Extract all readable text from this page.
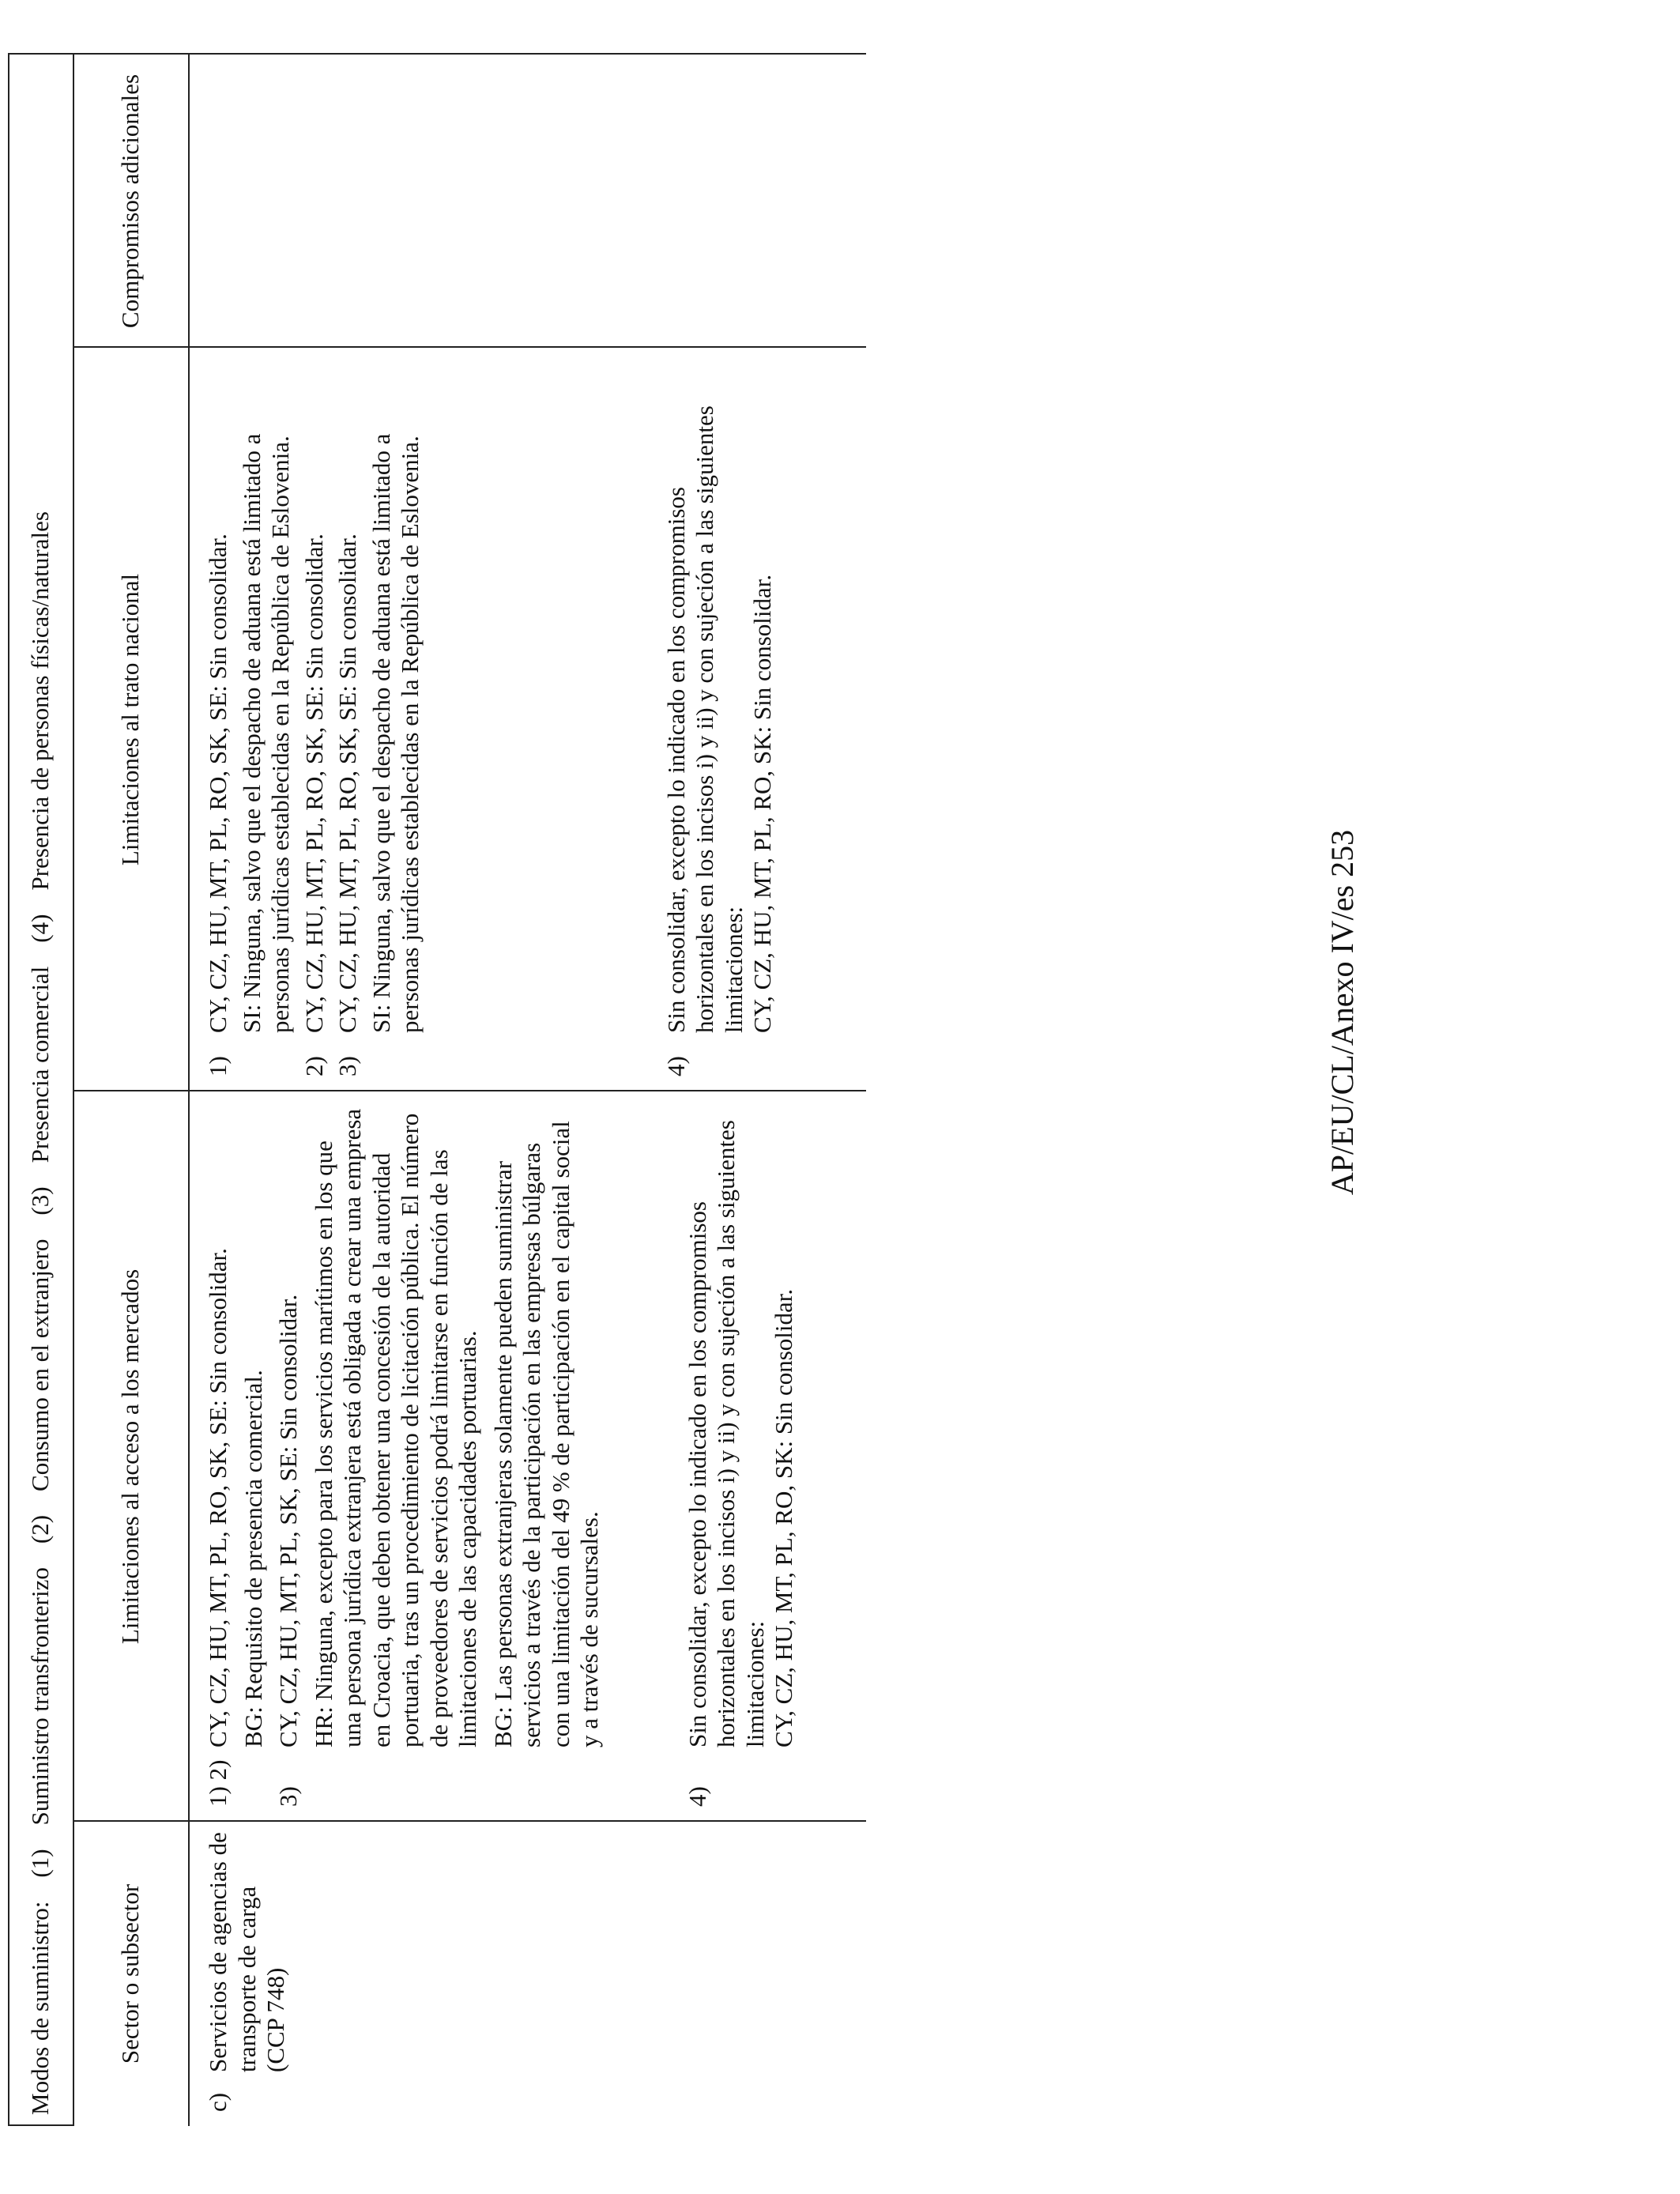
Modos de suministro:(1)Suministro transfronterizo(2)Consumo en el extranjero(3)Presencia comercial(4)Presencia de personas físicas/naturales
Sector o subsector
Limitaciones al acceso a los mercados
Limitaciones al trato nacional
Compromisos adicionales
c)
Servicios de agencias de transporte de carga (CCP 748)
1) 2)
CY, CZ, HU, MT, PL, RO, SK, SE: Sin consolidar. BG: Requisito de presencia comercial.
3)
CY, CZ, HU, MT, PL, SK, SE: Sin consolidar. HR: Ninguna, excepto para los servicios marítimos en los que una persona jurídica extranjera está obligada a crear una empresa en Croacia, que deben obtener una concesión de la autoridad portuaria, tras un procedimiento de licitación pública. El número de proveedores de servicios podrá limitarse en función de las limitaciones de las capacidades portuarias. BG: Las personas extranjeras solamente pueden suministrar servicios a través de la participación en las empresas búlgaras con una limitación del 49 % de participación en el capital social y a través de sucursales.
4)
Sin consolidar, excepto lo indicado en los compromisos horizontales en los incisos i) y ii) y con sujeción a las siguientes limitaciones: CY, CZ, HU, MT, PL, RO, SK: Sin consolidar.
1)
CY, CZ, HU, MT, PL, RO, SK, SE: Sin consolidar. SI: Ninguna, salvo que el despacho de aduana está limitado a personas jurídicas establecidas en la República de Eslovenia.
2)
CY, CZ, HU, MT, PL, RO, SK, SE: Sin consolidar.
3)
CY, CZ, HU, MT, PL, RO, SK, SE: Sin consolidar. SI: Ninguna, salvo que el despacho de aduana está limitado a personas jurídicas establecidas en la República de Eslovenia.
4)
Sin consolidar, excepto lo indicado en los compromisos horizontales en los incisos i) y ii) y con sujeción a las siguientes limitaciones: CY, CZ, HU, MT, PL, RO, SK: Sin consolidar.	AP/EU/CL/Anexo IV/es 253
